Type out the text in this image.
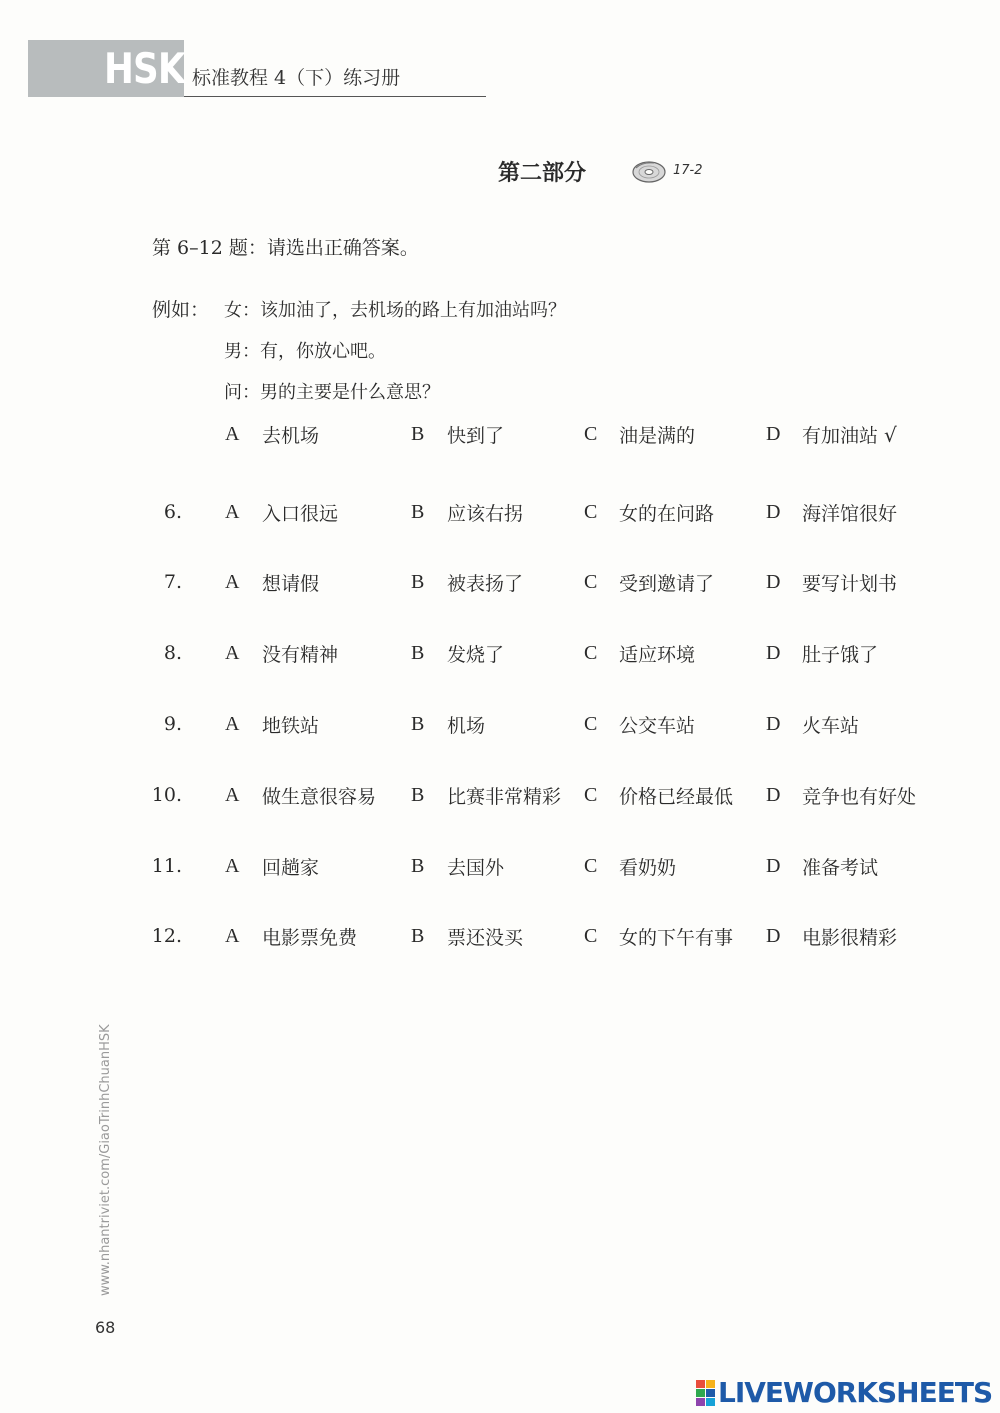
HSK 标准教程 4（下）练习册
第二部分	17-2
第 6–12 题：请选出正确答案。
例如： 女：该加油了，去机场的路上有加油站吗？
男：有，你放心吧。
问：男的主要是什么意思？
A 去机场	B 快到了	C 油是满的	D 有加油站 √
6. A 入口很远	B 应该右拐	C 女的在问路	D 海洋馆很好
7. A 想请假	B 被表扬了	C 受到邀请了	D 要写计划书
8. A 没有精神	B 发烧了	C 适应环境	D 肚子饿了
9. A 地铁站	B 机场	C 公交车站	D 火车站
10. A 做生意很容易 B 比赛非常精彩 C 价格已经最低 D 竞争也有好处
11. A 回趟家	B 去国外	C 看奶奶	D 准备考试
12. A 电影票免费	B 票还没买	C 女的下午有事 D 电影很精彩
www.nhantriviet.com/GiaoTrinhChuanHSK
68
LIVEWORKSHEETS
